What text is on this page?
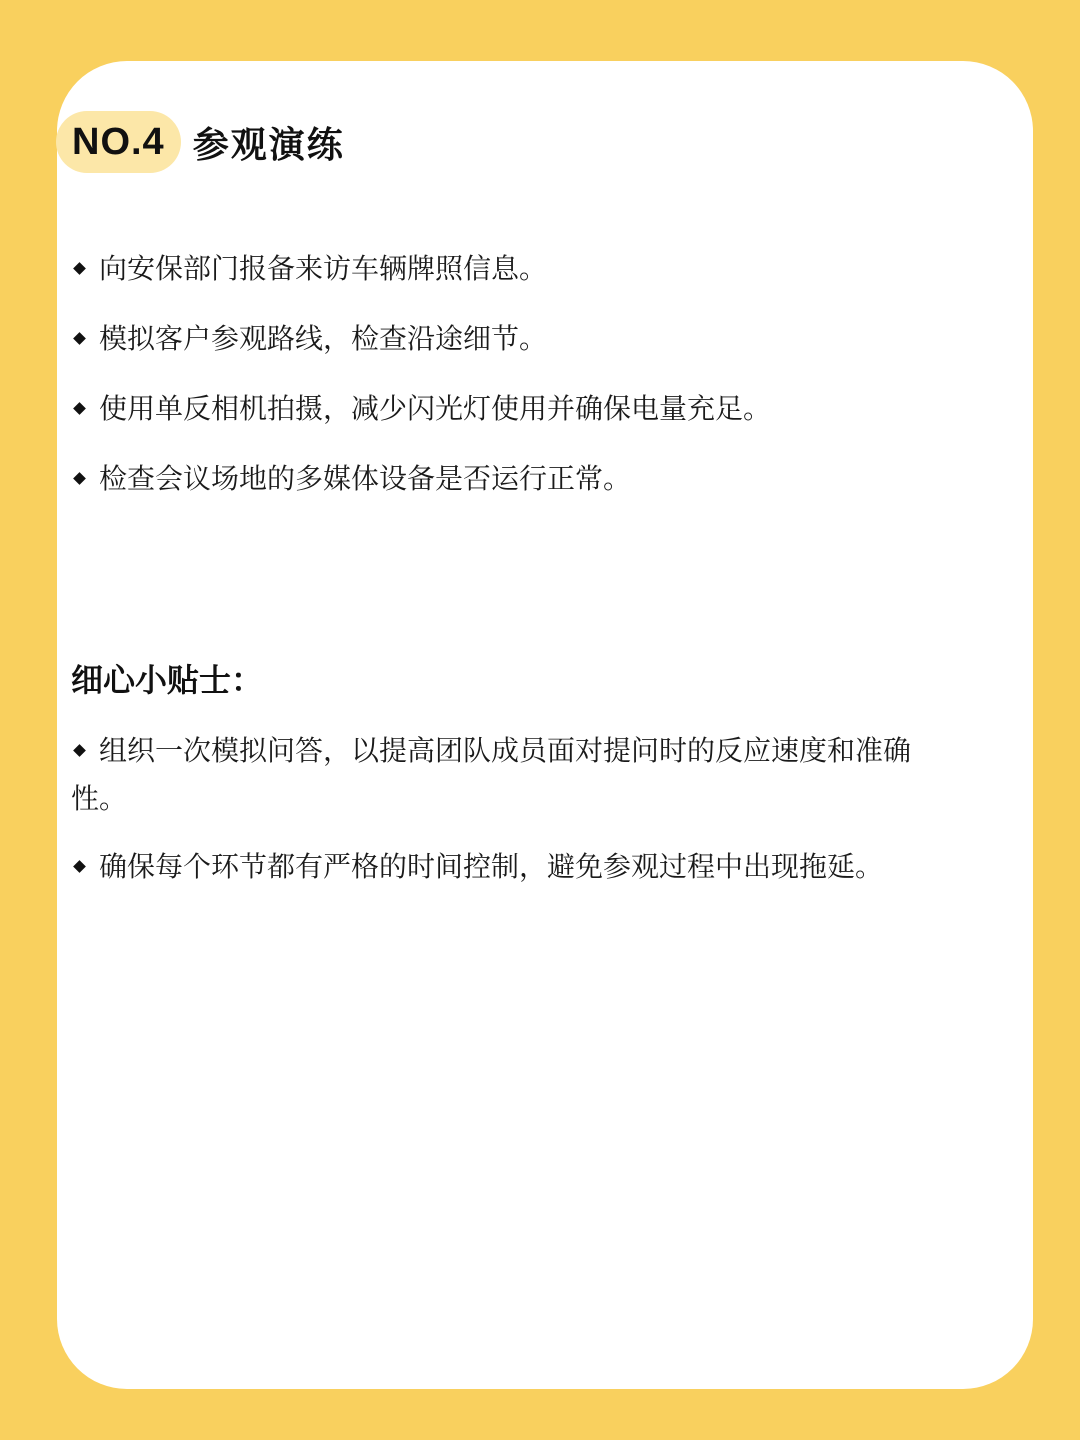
NO.4 参观演练
向安保部门报备来访车辆牌照信息。
模拟客户参观路线，检查沿途细节。
使用单反相机拍摄，减少闪光灯使用并确保电量充足。
检查会议场地的多媒体设备是否运行正常。
细心小贴士：
组织一次模拟问答，以提高团队成员面对提问时的反应速度和准确性。
确保每个环节都有严格的时间控制，避免参观过程中出现拖延。
